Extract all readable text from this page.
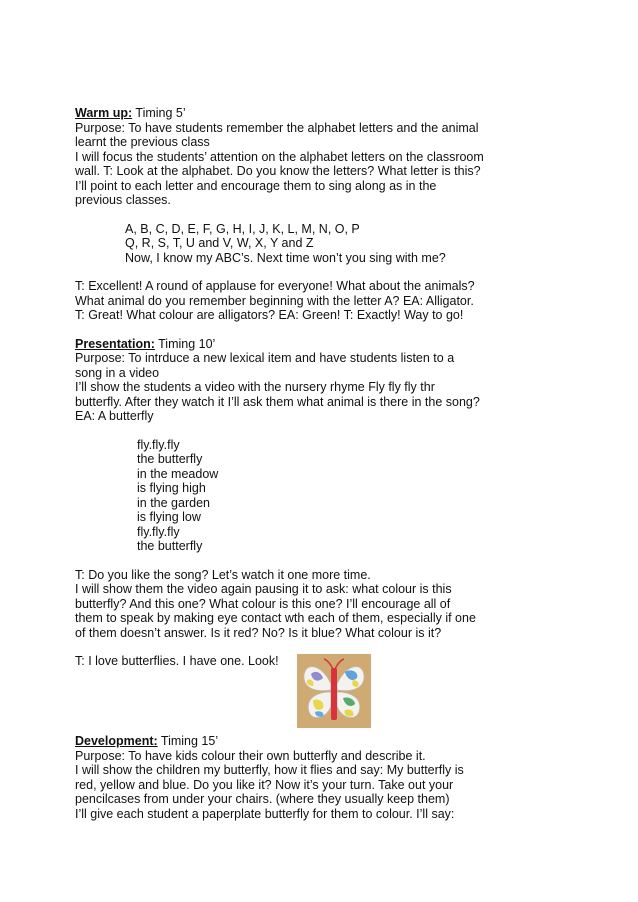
Warm up: Timing 5’

Purpose: To have students remember the alphabet letters and the animal

learnt the previous class

I will focus the students’ attention on the alphabet letters on the classroom

wall. T: Look at the alphabet. Do you know the letters? What letter is this?

I’ll point to each letter and encourage them to sing along as in the

previous classes.

A, B, C, D, E, F, G, H, I, J, K, L, M, N, O, P

Q, R, S, T, U and V, W, X, Y and Z

Now, I know my ABC’s. Next time won’t you sing with me?

T: Excellent! A round of applause for everyone! What about the animals?

What animal do you remember beginning with the letter A? EA: Alligator.

T: Great! What colour are alligators? EA: Green! T: Exactly! Way to go!

Presentation: Timing 10’

Purpose: To intrduce a new lexical item and have students listen to a

song in a video

I’ll show the students a video with the nursery rhyme Fly fly fly thr

butterfly. After they watch it I’ll ask them what animal is there in the song?

EA: A butterfly

fly.fly.fly

the butterfly

in the meadow

is flying high

in the garden

is flying low

fly.fly.fly

the butterfly

T: Do you like the song? Let’s watch it one more time.

I will show them the video again pausing it to ask: what colour is this

butterfly? And this one? What colour is this one? I’ll encourage all of

them to speak by making eye contact wth each of them, especially if one

of them doesn’t answer. Is it red? No? Is it blue? What colour is it?

T: I love butterflies. I have one. Look!

Development: Timing 15’

Purpose: To have kids colour their own butterfly and describe it.

I will show the children my butterfly, how it flies and say: My butterfly is

red, yellow and blue. Do you like it? Now it’s your turn. Take out your

pencilcases from under your chairs. (where they usually keep them)

I’ll give each student a paperplate butterfly for them to colour. I’ll say:
